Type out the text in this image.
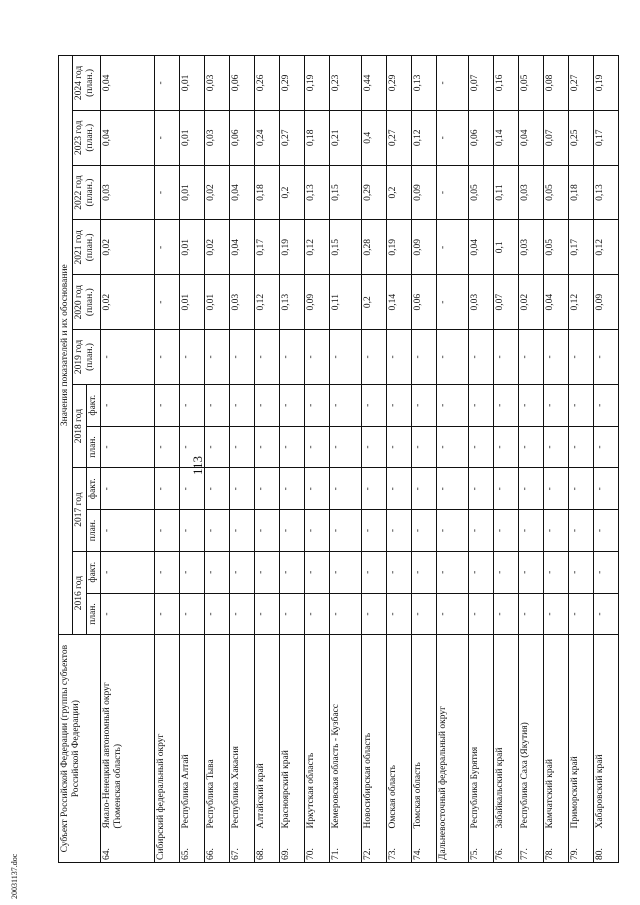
113
20031137.doc
Субъект Российской Федерации (группы субъектов Российской Федерации)		Значения показателей и их обоснование											
		2016 год		2017 год		2018 год		2019 год (план.)	2020 год (план.)	2021 год (план.)	2022 год (план.)	2023 год (план.)	2024 год (план.)
		план.	факт.	план.	факт.	план.	факт.						
64.	Ямало-Ненецкий автономный округ (Тюменская область)	-	-	-	-	-	-	-	0,02	0,02	0,03	0,04	0,04
Сибирский федеральный округ		-	-	-	-	-	-	-	-	-	-	-	-
65.	Республика Алтай	-	-	-	-	-	-	-	0,01	0,01	0,01	0,01	0,01
66.	Республика Тыва	-	-	-	-	-	-	-	0,01	0,02	0,02	0,03	0,03
67.	Республика Хакасия	-	-	-	-	-	-	-	0,03	0,04	0,04	0,06	0,06
68.	Алтайский край	-	-	-	-	-	-	-	0,12	0,17	0,18	0,24	0,26
69.	Красноярский край	-	-	-	-	-	-	-	0,13	0,19	0,2	0,27	0,29
70.	Иркутская область	-	-	-	-	-	-	-	0,09	0,12	0,13	0,18	0,19
71.	Кемеровская область - Кузбасс	-	-	-	-	-	-	-	0,11	0,15	0,15	0,21	0,23
72.	Новосибирская область	-	-	-	-	-	-	-	0,2	0,28	0,29	0,4	0,44
73.	Омская область	-	-	-	-	-	-	-	0,14	0,19	0,2	0,27	0,29
74.	Томская область	-	-	-	-	-	-	-	0,06	0,09	0,09	0,12	0,13
Дальневосточный федеральный округ		-	-	-	-	-	-	-	-	-	-	-	-
75.	Республика Бурятия	-	-	-	-	-	-	-	0,03	0,04	0,05	0,06	0,07
76.	Забайкальский край	-	-	-	-	-	-	-	0,07	0,1	0,11	0,14	0,16
77.	Республика Саха (Якутия)	-	-	-	-	-	-	-	0,02	0,03	0,03	0,04	0,05
78.	Камчатский край	-	-	-	-	-	-	-	0,04	0,05	0,05	0,07	0,08
79.	Приморский край	-	-	-	-	-	-	-	0,12	0,17	0,18	0,25	0,27
80.	Хабаровский край	-	-	-	-	-	-	-	0,09	0,12	0,13	0,17	0,19
